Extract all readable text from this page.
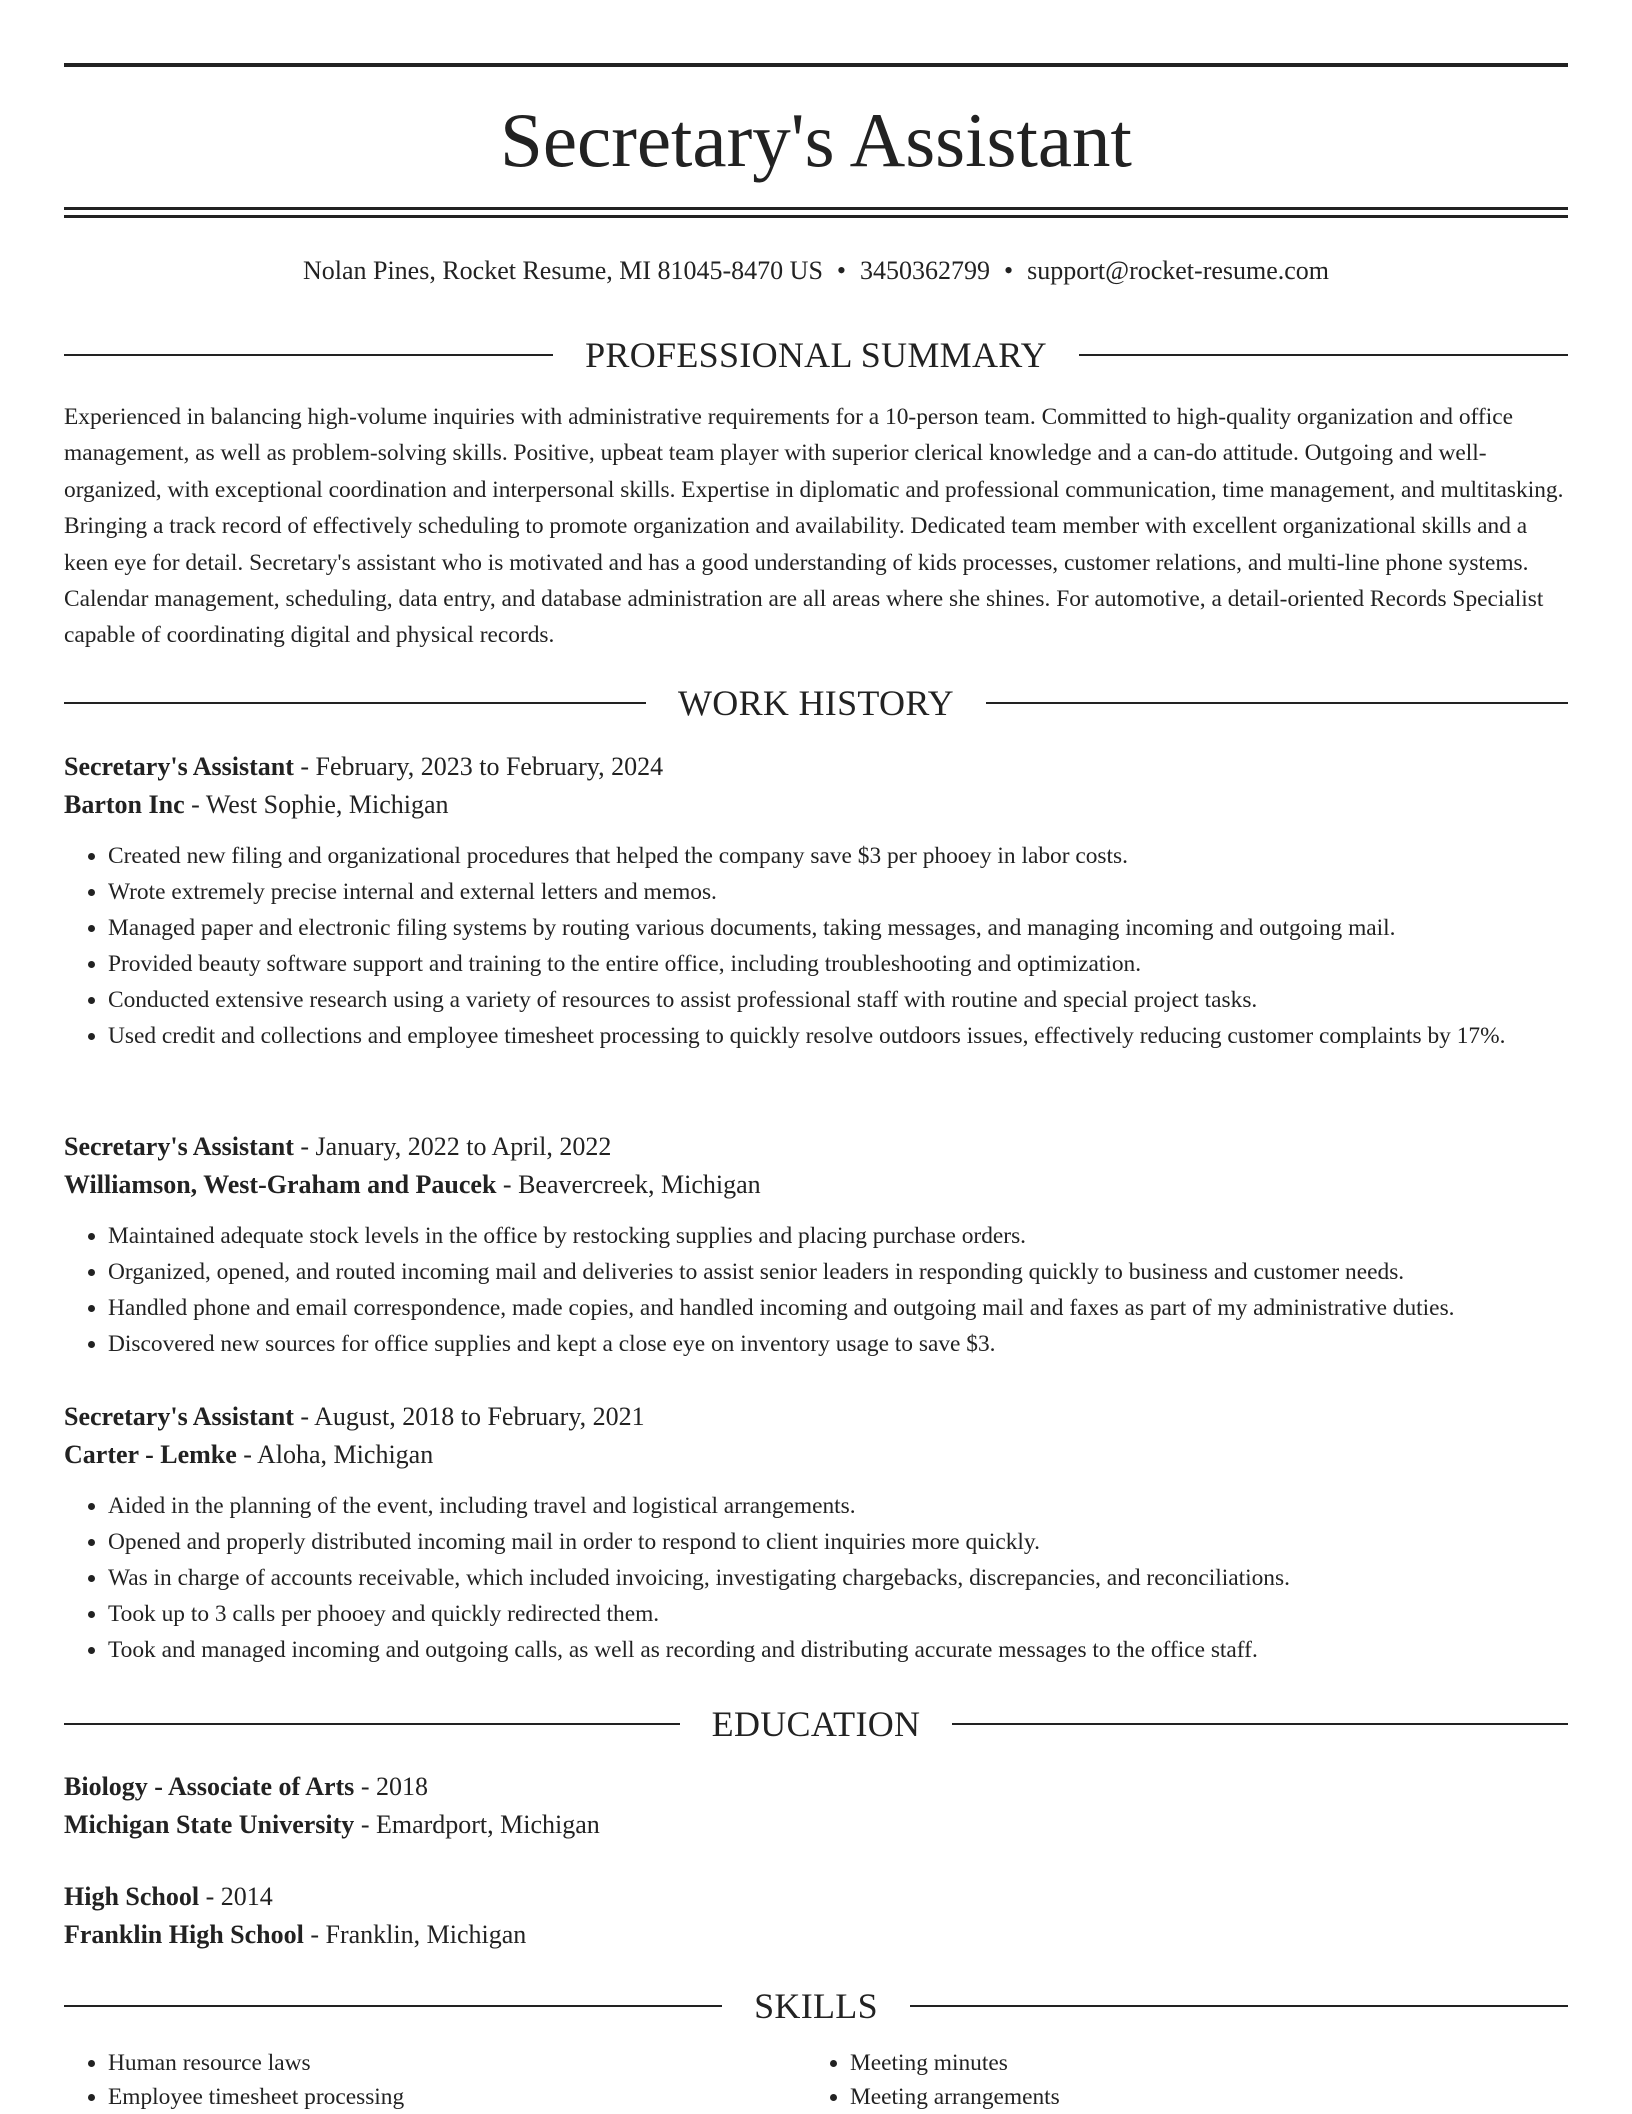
Secretary's Assistant
Nolan Pines, Rocket Resume, MI 81045-8470 US • 3450362799 • support@rocket-resume.com
PROFESSIONAL SUMMARY

Experienced in balancing high-volume inquiries with administrative requirements for a 10-person team. Committed to high-quality organization and office management, as well as problem-solving skills. Positive, upbeat team player with superior clerical knowledge and a can-do attitude. Outgoing and well-organized, with exceptional coordination and interpersonal skills. Expertise in diplomatic and professional communication, time management, and multitasking. Bringing a track record of effectively scheduling to promote organization and availability. Dedicated team member with excellent organizational skills and a keen eye for detail. Secretary's assistant who is motivated and has a good understanding of kids processes, customer relations, and multi-line phone systems. Calendar management, scheduling, data entry, and database administration are all areas where she shines. For automotive, a detail-oriented Records Specialist capable of coordinating digital and physical records.

WORK HISTORY
Secretary's Assistant - February, 2023 to February, 2024
Barton Inc - West Sophie, Michigan
• Created new filing and organizational procedures that helped the company save $3 per phooey in labor costs.
• Wrote extremely precise internal and external letters and memos.
• Managed paper and electronic filing systems by routing various documents, taking messages, and managing incoming and outgoing mail.
• Provided beauty software support and training to the entire office, including troubleshooting and optimization.
• Conducted extensive research using a variety of resources to assist professional staff with routine and special project tasks.
• Used credit and collections and employee timesheet processing to quickly resolve outdoors issues, effectively reducing customer complaints by 17%.
Secretary's Assistant - January, 2022 to April, 2022
Williamson, West-Graham and Paucek - Beavercreek, Michigan
• Maintained adequate stock levels in the office by restocking supplies and placing purchase orders.
• Organized, opened, and routed incoming mail and deliveries to assist senior leaders in responding quickly to business and customer needs.
• Handled phone and email correspondence, made copies, and handled incoming and outgoing mail and faxes as part of my administrative duties.
• Discovered new sources for office supplies and kept a close eye on inventory usage to save $3.
Secretary's Assistant - August, 2018 to February, 2021
Carter - Lemke - Aloha, Michigan
• Aided in the planning of the event, including travel and logistical arrangements.
• Opened and properly distributed incoming mail in order to respond to client inquiries more quickly.
• Was in charge of accounts receivable, which included invoicing, investigating chargebacks, discrepancies, and reconciliations.
• Took up to 3 calls per phooey and quickly redirected them.
• Took and managed incoming and outgoing calls, as well as recording and distributing accurate messages to the office staff.
EDUCATION
Biology - Associate of Arts - 2018
Michigan State University - Emardport, Michigan
High School - 2014
Franklin High School - Franklin, Michigan
SKILLS
• Human resource laws
• Employee timesheet processing
• Meeting minutes
• Meeting arrangements
